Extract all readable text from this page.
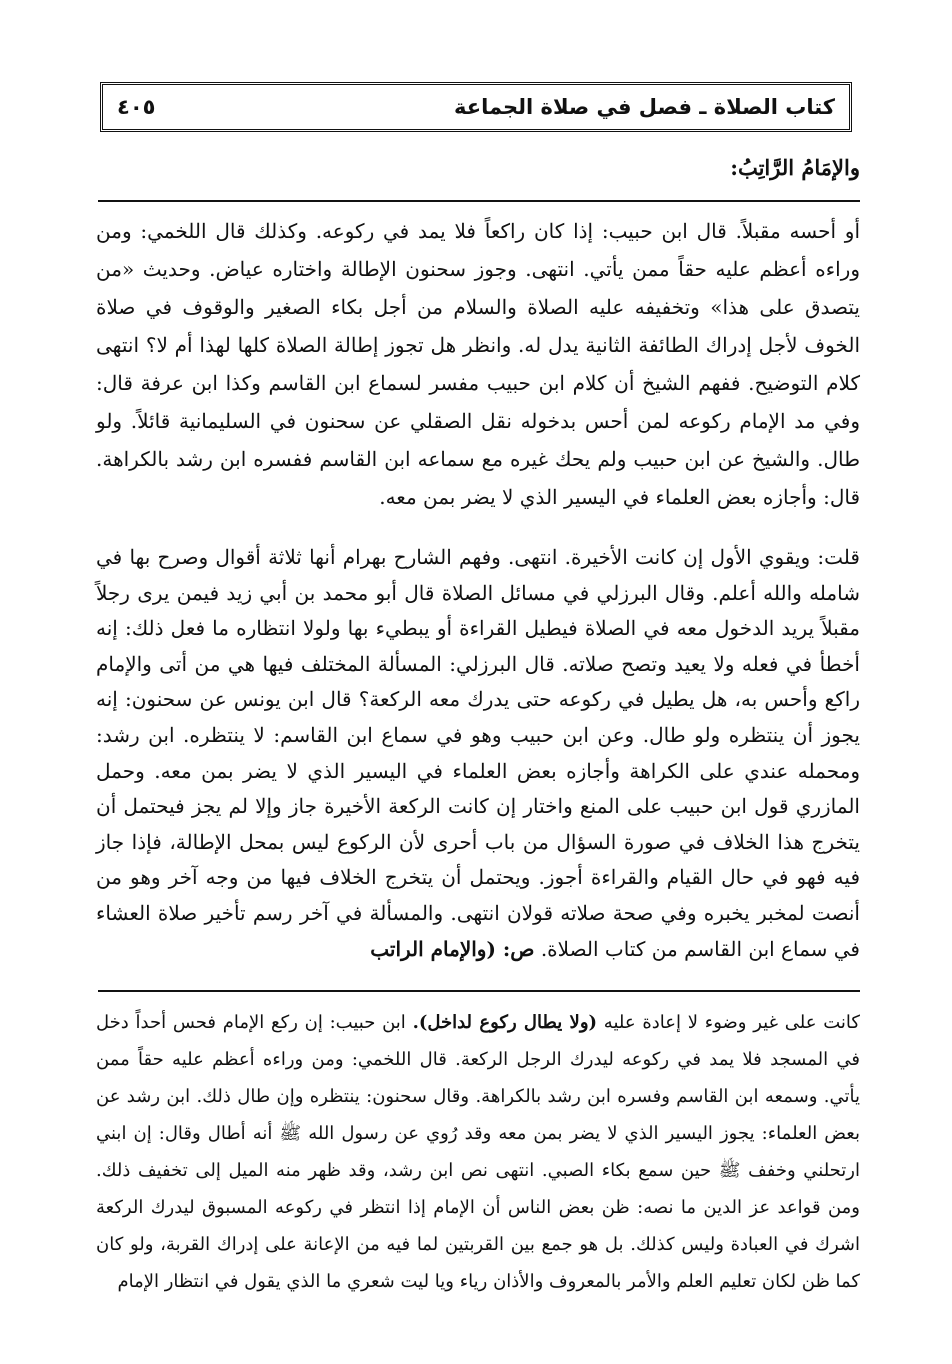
كتاب الصلاة ـ فصل في صلاة الجماعة
٤٠٥
والإمَامُ الرَّاتِبُ:
أو أحسه مقبلاً. قال ابن حبيب: إذا كان راكعاً فلا يمد في ركوعه. وكذلك قال اللخمي: ومن وراءه أعظم عليه حقاً ممن يأتي. انتهى. وجوز سحنون الإطالة واختاره عياض. وحديث «من يتصدق على هذا» وتخفيفه عليه الصلاة والسلام من أجل بكاء الصغير والوقوف في صلاة الخوف لأجل إدراك الطائفة الثانية يدل له. وانظر هل تجوز إطالة الصلاة كلها لهذا أم لا؟ انتهى كلام التوضيح. ففهم الشيخ أن كلام ابن حبيب مفسر لسماع ابن القاسم وكذا ابن عرفة قال: وفي مد الإمام ركوعه لمن أحس بدخوله نقل الصقلي عن سحنون في السليمانية قائلاً. ولو طال. والشيخ عن ابن حبيب ولم يحك غيره مع سماعه ابن القاسم ففسره ابن رشد بالكراهة. قال: وأجازه بعض العلماء في اليسير الذي لا يضر بمن معه.
قلت: ويقوي الأول إن كانت الأخيرة. انتهى. وفهم الشارح بهرام أنها ثلاثة أقوال وصرح بها في شامله والله أعلم. وقال البرزلي في مسائل الصلاة قال أبو محمد بن أبي زيد فيمن يرى رجلاً مقبلاً يريد الدخول معه في الصلاة فيطيل القراءة أو يبطيء بها ولولا انتظاره ما فعل ذلك: إنه أخطأ في فعله ولا يعيد وتصح صلاته. قال البرزلي: المسألة المختلف فيها هي من أتى والإمام راكع وأحس به، هل يطيل في ركوعه حتى يدرك معه الركعة؟ قال ابن يونس عن سحنون: إنه يجوز أن ينتظره ولو طال. وعن ابن حبيب وهو في سماع ابن القاسم: لا ينتظره. ابن رشد: ومحمله عندي على الكراهة وأجازه بعض العلماء في اليسير الذي لا يضر بمن معه. وحمل المازري قول ابن حبيب على المنع واختار إن كانت الركعة الأخيرة جاز وإلا لم يجز فيحتمل أن يتخرج هذا الخلاف في صورة السؤال من باب أحرى لأن الركوع ليس بمحل الإطالة، فإذا جاز فيه فهو في حال القيام والقراءة أجوز. ويحتمل أن يتخرج الخلاف فيها من وجه آخر وهو من أنصت لمخبر يخبره وفي صحة صلاته قولان انتهى. والمسألة في آخر رسم تأخير صلاة العشاء في سماع ابن القاسم من كتاب الصلاة. ص: (والإمام الراتب
كانت على غير وضوء لا إعادة عليه (ولا يطال ركوع لداخل). ابن حبيب: إن ركع الإمام فحس أحداً دخل في المسجد فلا يمد في ركوعه ليدرك الرجل الركعة. قال اللخمي: ومن وراءه أعظم عليه حقاً ممن يأتي. وسمعه ابن القاسم وفسره ابن رشد بالكراهة. وقال سحنون: ينتظره وإن طال ذلك. ابن رشد عن بعض العلماء: يجوز اليسير الذي لا يضر بمن معه وقد رُوي عن رسول الله ﷺ أنه أطال وقال: إن ابني ارتحلني وخفف ﷺ حين سمع بكاء الصبي. انتهى نص ابن رشد، وقد ظهر منه الميل إلى تخفيف ذلك. ومن قواعد عز الدين ما نصه: ظن بعض الناس أن الإمام إذا انتظر في ركوعه المسبوق ليدرك الركعة اشرك في العبادة وليس كذلك. بل هو جمع بين القربتين لما فيه من الإعانة على إدراك القربة، ولو كان كما ظن لكان تعليم العلم والأمر بالمعروف والأذان رياء ويا ليت شعري ما الذي يقول في انتظار الإمام
